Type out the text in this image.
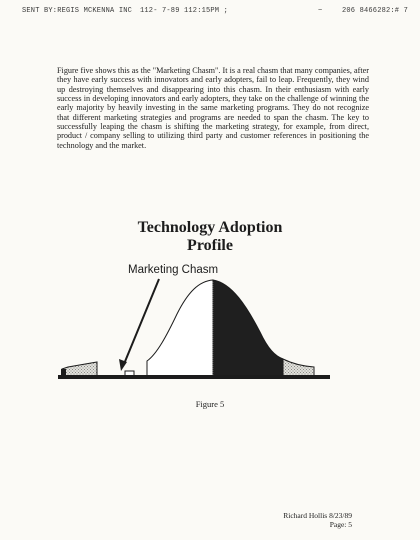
SENT BY:REGIS MCKENNA INC 112- 7-89 112:15PM ;	~	206 8466282:# 7

Figure five shows this as the "Marketing Chasm". It is a real chasm that many companies, after they have early success with innovators and early adopters, fail to leap. Frequently, they wind up destroying themselves and disappearing into this chasm. In their enthusiasm with early success in developing innovators and early adopters, they take on the challenge of winning the early majority by heavily investing in the same marketing programs. They do not recognize that different marketing strategies and programs are needed to span the chasm. The key to successfully leaping the chasm is shifting the marketing strategy, for example, from direct, product / company selling to utilizing third party and customer references in positioning the technology and the market.

Technology Adoption
Profile

Marketing Chasm

Figure 5

Richard Hollis 8/23/89
Page: 5
